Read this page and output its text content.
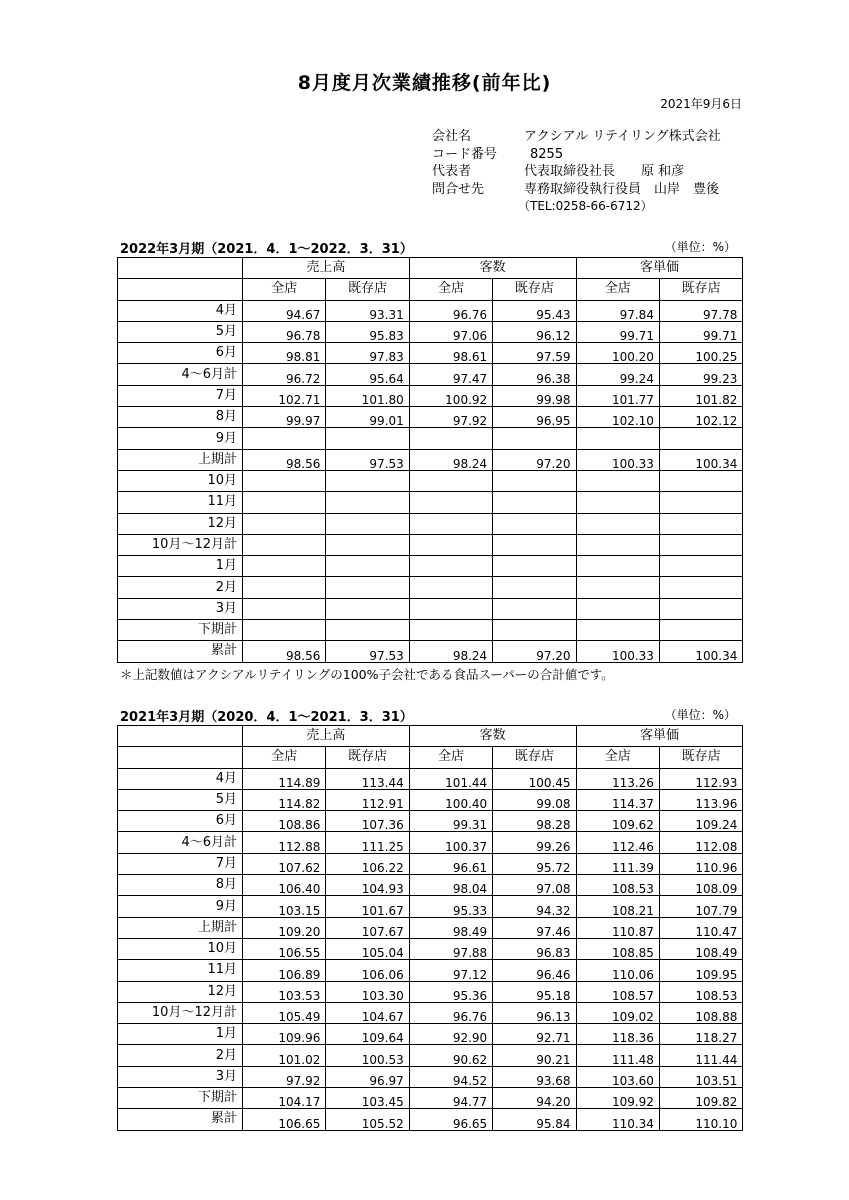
8月度月次業績推移(前年比)
2021年9月6日
会社名	アクシアル リテイリング株式会社
コード番号	8255
代表者	代表取締役社長　　原 和彦
問合せ先	専務取締役執行役員　山岸　豊後
（TEL:0258-66-6712）
2022年3月期（2021．4．1～2022．3．31）	（単位：%）
	売上高		客数		客単価	
	全店	既存店	全店	既存店	全店	既存店
4月	94.67	93.31	96.76	95.43	97.84	97.78
5月	96.78	95.83	97.06	96.12	99.71	99.71
6月	98.81	97.83	98.61	97.59	100.20	100.25
4～6月計	96.72	95.64	97.47	96.38	99.24	99.23
7月	102.71	101.80	100.92	99.98	101.77	101.82
8月	99.97	99.01	97.92	96.95	102.10	102.12
9月						
上期計	98.56	97.53	98.24	97.20	100.33	100.34
10月						
11月						
12月						
10月～12月計						
1月						
2月						
3月						
下期計						
累計	98.56	97.53	98.24	97.20	100.33	100.34
＊上記数値はアクシアルリテイリングの100%子会社である食品スーパーの合計値です。
2021年3月期（2020．4．1～2021．3．31）	（単位：%）
	売上高		客数		客単価	
	全店	既存店	全店	既存店	全店	既存店
4月	114.89	113.44	101.44	100.45	113.26	112.93
5月	114.82	112.91	100.40	99.08	114.37	113.96
6月	108.86	107.36	99.31	98.28	109.62	109.24
4～6月計	112.88	111.25	100.37	99.26	112.46	112.08
7月	107.62	106.22	96.61	95.72	111.39	110.96
8月	106.40	104.93	98.04	97.08	108.53	108.09
9月	103.15	101.67	95.33	94.32	108.21	107.79
上期計	109.20	107.67	98.49	97.46	110.87	110.47
10月	106.55	105.04	97.88	96.83	108.85	108.49
11月	106.89	106.06	97.12	96.46	110.06	109.95
12月	103.53	103.30	95.36	95.18	108.57	108.53
10月～12月計	105.49	104.67	96.76	96.13	109.02	108.88
1月	109.96	109.64	92.90	92.71	118.36	118.27
2月	101.02	100.53	90.62	90.21	111.48	111.44
3月	97.92	96.97	94.52	93.68	103.60	103.51
下期計	104.17	103.45	94.77	94.20	109.92	109.82
累計	106.65	105.52	96.65	95.84	110.34	110.10
